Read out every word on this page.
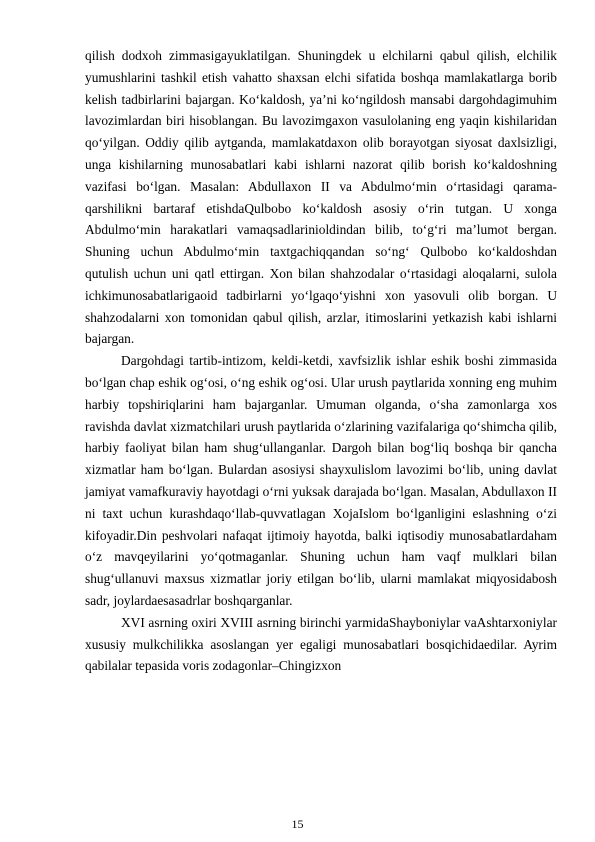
qilish dodxoh zimmasigayuklatilgan. Shuningdek u elchilarni qabul qilish, elchilik yumushlarini tashkil etish vahatto shaxsan elchi sifatida boshqa mamlakatlarga borib kelish tadbirlarini bajargan. Ko‘kaldosh, ya’ni ko‘ngildosh mansabi dargohdagimuhim lavozimlardan biri hisoblangan. Bu lavozimgaxon vasulolaning eng yaqin kishilaridan qo‘yilgan. Oddiy qilib aytganda, mamlakatdaxon olib borayotgan siyosat daxlsizligi, unga kishilarning munosabatlari kabi ishlarni nazorat qilib borish ko‘kaldoshning vazifasi bo‘lgan. Masalan: Abdullaxon II va Abdulmo‘min o‘rtasidagi qarama-qarshilikni bartaraf etishdaQulbobo ko‘kaldosh asosiy o‘rin tutgan. U xonga Abdulmo‘min harakatlari vamaqsadlarinioldindan bilib, to‘g‘ri ma’lumot bergan. Shuning uchun Abdulmo‘min taxtgachiqqandan so‘ng‘ Qulbobo ko‘kaldoshdan qutulish uchun uni qatl ettirgan. Xon bilan shahzodalar o‘rtasidagi aloqalarni, sulola ichkimunosabatlarigaoid tadbirlarni yo‘lgaqo‘yishni xon yasovuli olib borgan. U shahzodalarni xon tomonidan qabul qilish, arzlar, itimoslarini yetkazish kabi ishlarni bajargan.

Dargohdagi tartib-intizom, keldi-ketdi, xavfsizlik ishlar eshik boshi zimmasida bo‘lgan chap eshik og‘osi, o‘ng eshik og‘osi. Ular urush paytlarida xonning eng muhim harbiy topshiriqlarini ham bajarganlar. Umuman olganda, o‘sha zamonlarga xos ravishda davlat xizmatchilari urush paytlarida o‘zlarining vazifalariga qo‘shimcha qilib, harbiy faoliyat bilan ham shug‘ullanganlar. Dargoh bilan bog‘liq boshqa bir qancha xizmatlar ham bo‘lgan. Bulardan asosiysi shayxulislom lavozimi bo‘lib, uning davlat jamiyat vamafkuraviy hayotdagi o‘rni yuksak darajada bo‘lgan. Masalan, Abdullaxon II ni taxt uchun kurashdaqo‘llab-quvvatlagan XojaIslom bo‘lganligini eslashning o‘zi kifoyadir.Din peshvolari nafaqat ijtimoiy hayotda, balki iqtisodiy munosabatlardaham o‘z mavqeyilarini yo‘qotmaganlar. Shuning uchun ham vaqf mulklari bilan shug‘ullanuvi maxsus xizmatlar joriy etilgan bo‘lib, ularni mamlakat miqyosidabosh sadr, joylardaesasadrlar boshqarganlar.

XVI asrning oxiri XVIII asrning birinchi yarmidaShayboniylar vaAshtarxoniylar xususiy mulkchilikka asoslangan yer egaligi munosabatlari bosqichidaedilar. Ayrim qabilalar tepasida voris zodagonlar–Chingizxon

15
